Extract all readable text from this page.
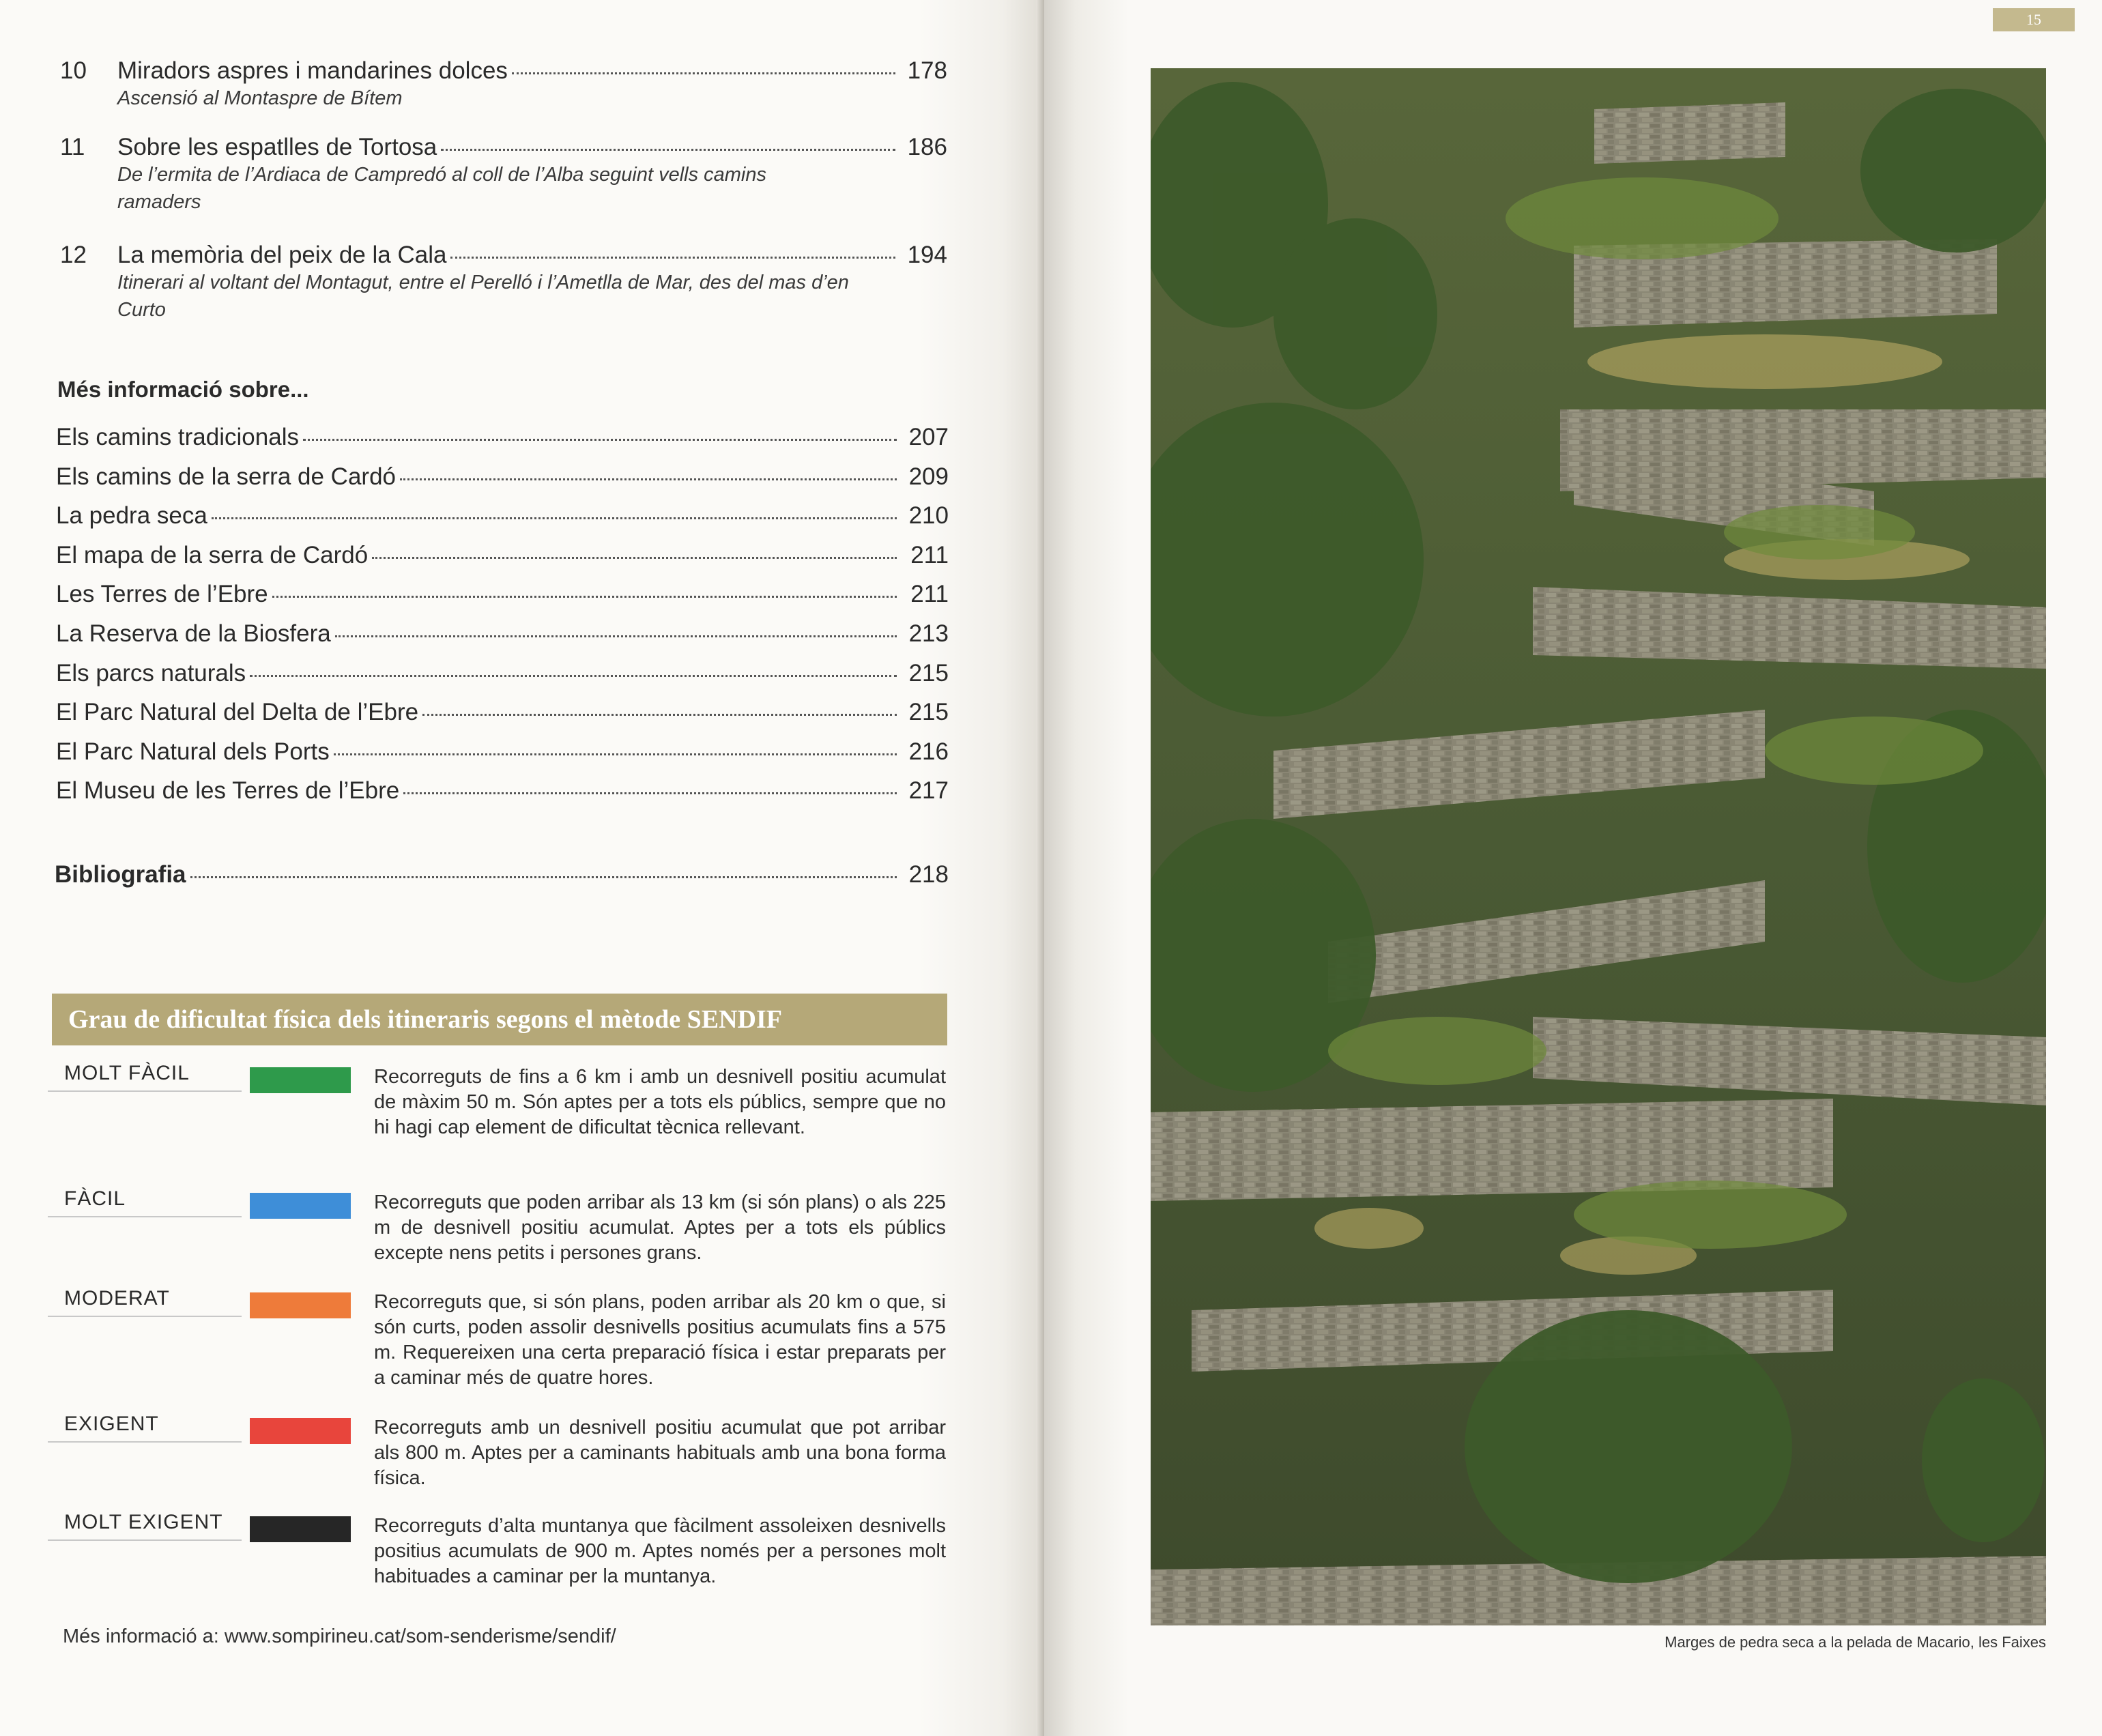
10	Miradors aspres i mandarines dolces	178
Ascensió al Montaspre de Bítem
11	Sobre les espatlles de Tortosa	186
De l’ermita de l’Ardiaca de Campredó al coll de l’Alba seguint vells camins ramaders
12	La memòria del peix de la Cala	194
Itinerari al voltant del Montagut, entre el Perelló i l’Ametlla de Mar, des del mas d’en Curto
Més informació sobre...
Els camins tradicionals	207
Els camins de la serra de Cardó	209
La pedra seca	210
El mapa de la serra de Cardó	211
Les Terres de l’Ebre	211
La Reserva de la Biosfera	213
Els parcs naturals	215
El Parc Natural del Delta de l’Ebre	215
El Parc Natural dels Ports	216
El Museu de les Terres de l’Ebre	217
Bibliografia	218
Grau de dificultat física dels itineraris segons el mètode SENDIF
MOLT FÀCIL	Recorreguts de fins a 6 km i amb un desnivell positiu acumulat de màxim 50 m. Són aptes per a tots els públics, sempre que no hi hagi cap element de dificultat tècnica rellevant.
FÀCIL	Recorreguts que poden arribar als 13 km (si són plans) o als 225 m de desnivell positiu acumulat. Aptes per a tots els públics excepte nens petits i persones grans.
MODERAT	Recorreguts que, si són plans, poden arribar als 20 km o que, si són curts, poden assolir desnivells positius acumulats fins a 575 m. Requereixen una certa preparació física i estar preparats per a caminar més de quatre hores.
EXIGENT	Recorreguts amb un desnivell positiu acumulat que pot arribar als 800 m. Aptes per a caminants habituals amb una bona forma física.
MOLT EXIGENT	Recorreguts d’alta muntanya que fàcilment assoleixen desnivells positius acumulats de 900 m. Aptes només per a persones molt habituades a caminar per la muntanya.
Més informació a: www.sompirineu.cat/som-senderisme/sendif/
15
Marges de pedra seca a la pelada de Macario, les Faixes
